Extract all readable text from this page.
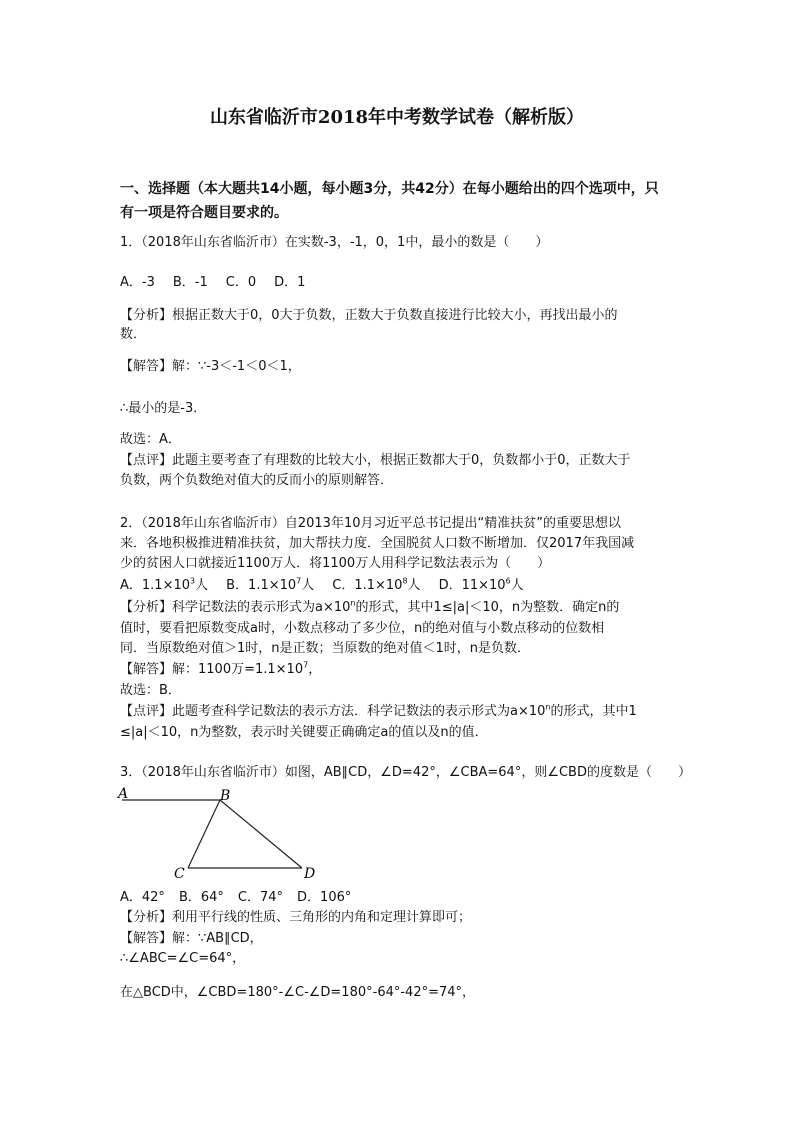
山东省临沂市2018年中考数学试卷（解析版）
一、选择题（本大题共14小题，每小题3分，共42分）在每小题给出的四个选项中，只
有一项是符合题目要求的。
1．（2018年山东省临沂市）在实数-3，-1，0，1中，最小的数是（　　）
A．-3 B．-1 C．0 D．1
【分析】根据正数大于0，0大于负数，正数大于负数直接进行比较大小，再找出最小的
数．
【解答】解：∵-3＜-1＜0＜1，
∴最小的是-3．
故选：A．
【点评】此题主要考查了有理数的比较大小，根据正数都大于0，负数都小于0，正数大于
负数，两个负数绝对值大的反而小的原则解答．
2．（2018年山东省临沂市）自2013年10月习近平总书记提出“精准扶贫”的重要思想以
来．各地积极推进精准扶贫，加大帮扶力度．全国脱贫人口数不断增加．仅2017年我国减
少的贫困人口就接近1100万人．将1100万人用科学记数法表示为（　　）
A．$1.1\times 10^3$人 B．$1.1\times 10^7$人 C．$1.1\times 10^8$人 D．$11\times 10^6$人
【分析】科学记数法的表示形式为$a\times 10^n$的形式，其中1≤|a|＜10，n为整数．确定n的
值时，要看把原数变成a时，小数点移动了多少位，n的绝对值与小数点移动的位数相
同．当原数绝对值＞1时，n是正数；当原数的绝对值＜1时，n是负数．
【解答】解：1100万$=1.1\times 10^7$，
故选：B．
【点评】此题考查科学记数法的表示方法．科学记数法的表示形式为$a\times 10^n$的形式，其中1
≤|a|＜10，n为整数，表示时关键要正确确定a的值以及n的值．
3．（2018年山东省临沂市）如图，AB∥CD，∠D=42°，∠CBA=64°，则∠CBD的度数是（　　）
A	B
C	D
A．42° B．64° C．74° D．106°
【分析】利用平行线的性质、三角形的内角和定理计算即可；
【解答】解：∵AB∥CD，
∴∠ABC=∠C=64°，
在△BCD中，∠CBD=180°-∠C-∠D=180°-64°-42°=74°，
